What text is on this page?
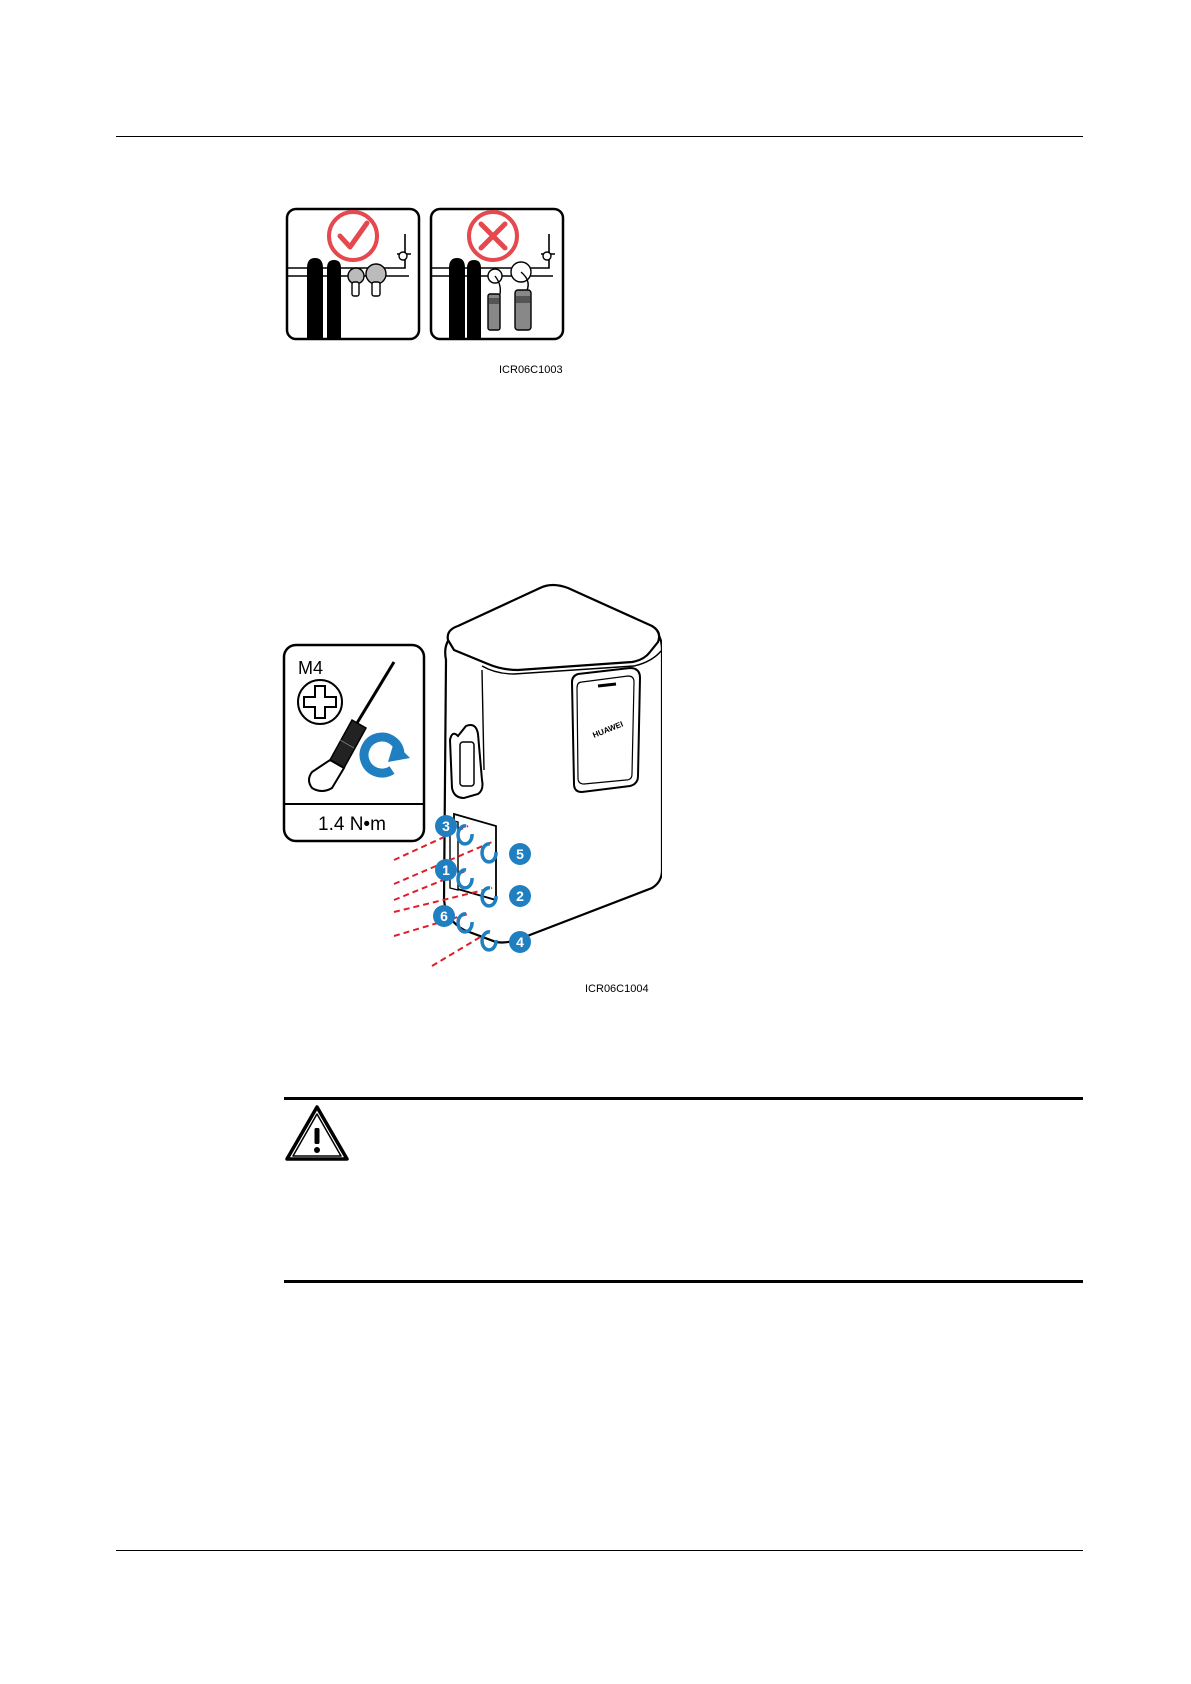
ICR06C1003
M4
1.4 N•m
HUAWEI
3
5
1
2
6
4
ICR06C1004
